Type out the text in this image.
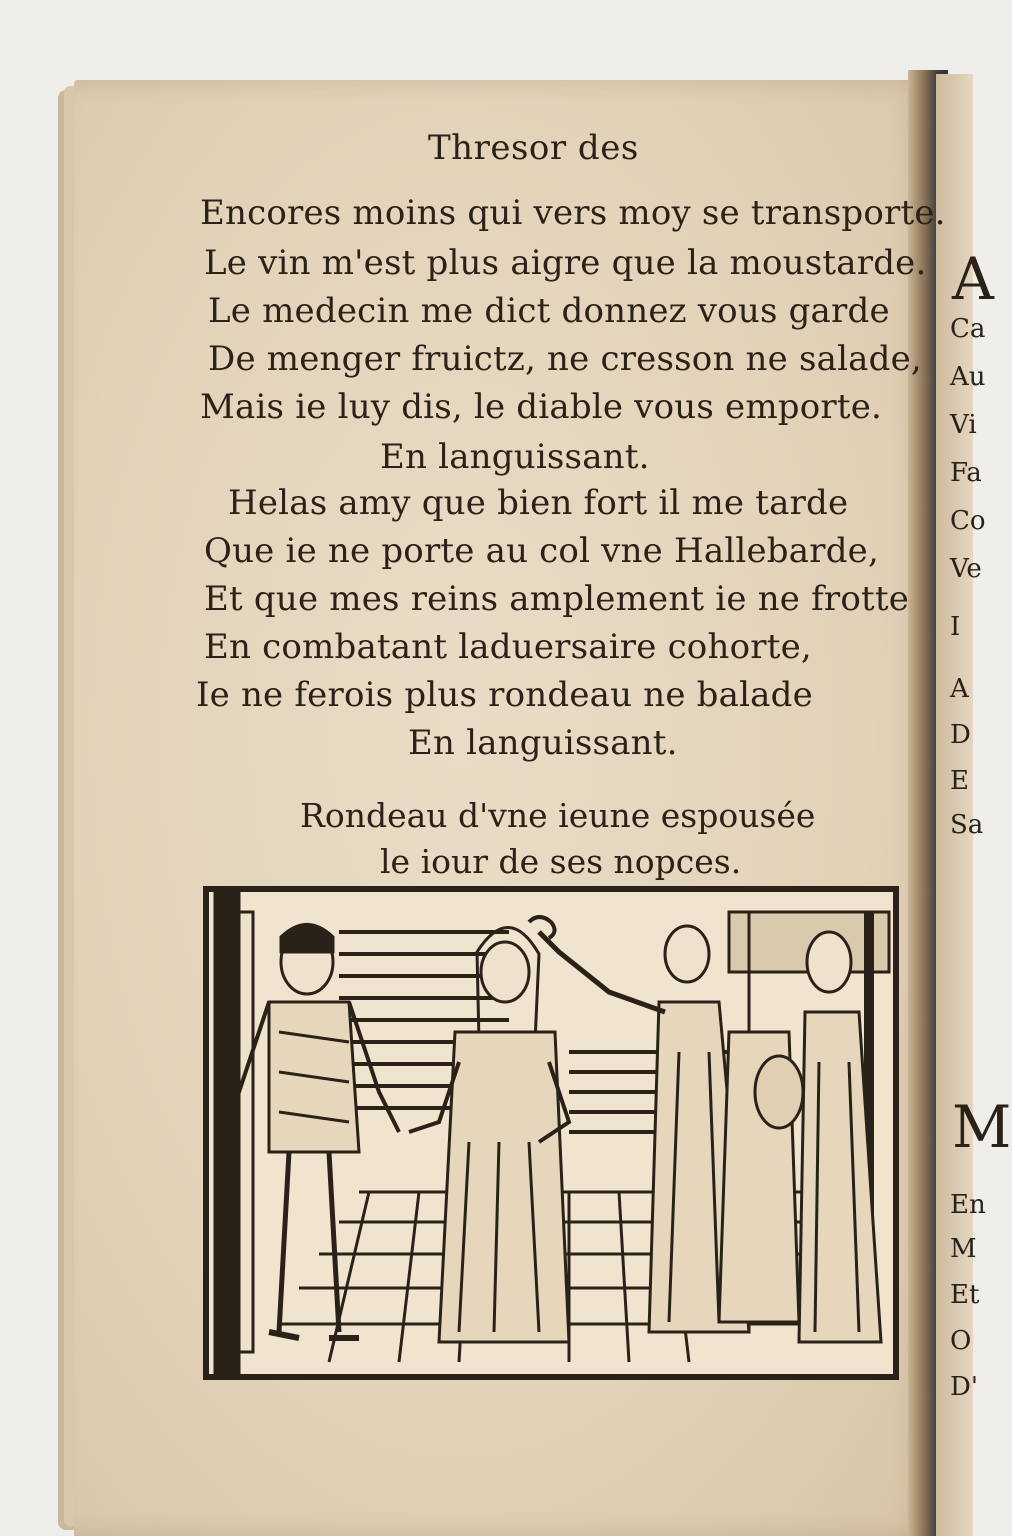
A
Ca
Au
Vi
Fa
Co
Ve
I
A
D
E
Sa
M
En
M
Et
O
D'
Thresor des
Encores moins qui vers moy se transporte.
Le vin m'est plus aigre que la moustarde.
Le medecin me dict donnez vous garde
De menger fruictz, ne cresson ne salade,
Mais ie luy dis, le diable vous emporte.
En languissant.
Helas amy que bien fort il me tarde
Que ie ne porte au col vne Hallebarde,
Et que mes reins amplement ie ne frotte
En combatant laduersaire cohorte,
Ie ne ferois plus rondeau ne balade
En languissant.
Rondeau d'vne ieune espousée
le iour de ses nopces.
